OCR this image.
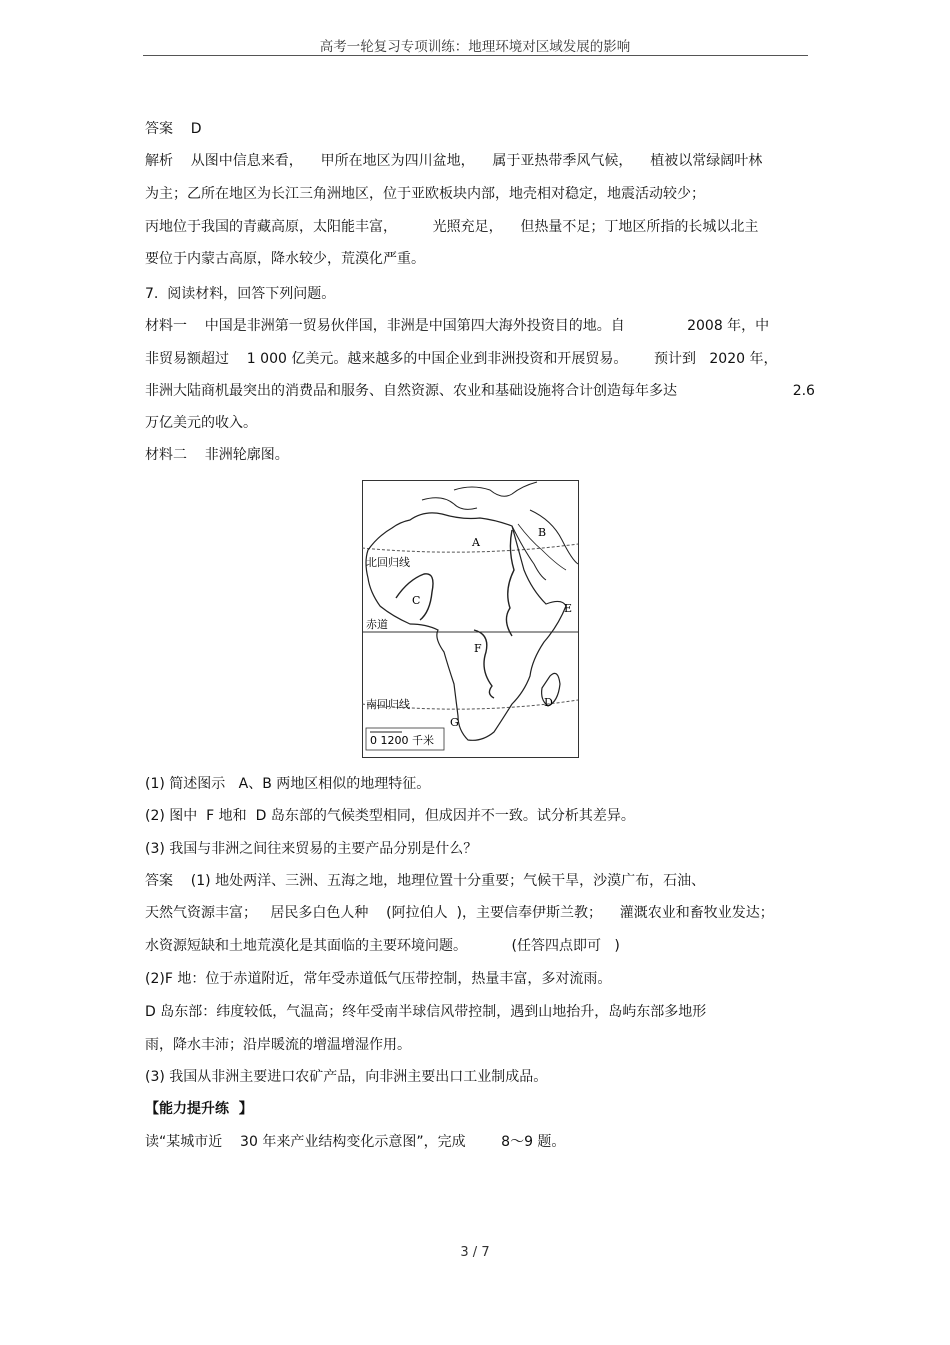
高考一轮复习专项训练：地理环境对区域发展的影响
答案    D
解析    从图中信息来看，    甲所在地区为四川盆地，    属于亚热带季风气候，    植被以常绿阔叶林
为主；乙所在地区为长江三角洲地区，位于亚欧板块内部，地壳相对稳定，地震活动较少；
丙地位于我国的青藏高原，太阳能丰富，        光照充足，    但热量不足；丁地区所指的长城以北主
要位于内蒙古高原，降水较少，荒漠化严重。
7.  阅读材料，回答下列问题。
材料一    中国是非洲第一贸易伙伴国，非洲是中国第四大海外投资目的地。自              2008 年，中
非贸易额超过    1 000 亿美元。越来越多的中国企业到非洲投资和开展贸易。      预计到   2020 年，
非洲大陆商机最突出的消费品和服务、自然资源、农业和基础设施将合计创造每年多达                          2.6
万亿美元的收入。
材料二    非洲轮廓图。
A
B
C
D
E
F
G
北回归线
赤道
南回归线
0 1200 千米
(1) 简述图示   A、B 两地区相似的地理特征。
(2) 图中  F 地和  D 岛东部的气候类型相同，但成因并不一致。试分析其差异。
(3) 我国与非洲之间往来贸易的主要产品分别是什么？
答案    (1) 地处两洋、三洲、五海之地，地理位置十分重要；气候干旱，沙漠广布，石油、
天然气资源丰富；   居民多白色人种    (阿拉伯人  )，主要信奉伊斯兰教；    灌溉农业和畜牧业发达；
水资源短缺和土地荒漠化是其面临的主要环境问题。          (任答四点即可   )
(2)F 地：位于赤道附近，常年受赤道低气压带控制，热量丰富，多对流雨。
D 岛东部：纬度较低，气温高；终年受南半球信风带控制，遇到山地抬升，岛屿东部多地形
雨，降水丰沛；沿岸暖流的增温增湿作用。
(3) 我国从非洲主要进口农矿产品，向非洲主要出口工业制成品。
【能力提升练  】
读“某城市近    30 年来产业结构变化示意图”，完成        8～9 题。
3 / 7
